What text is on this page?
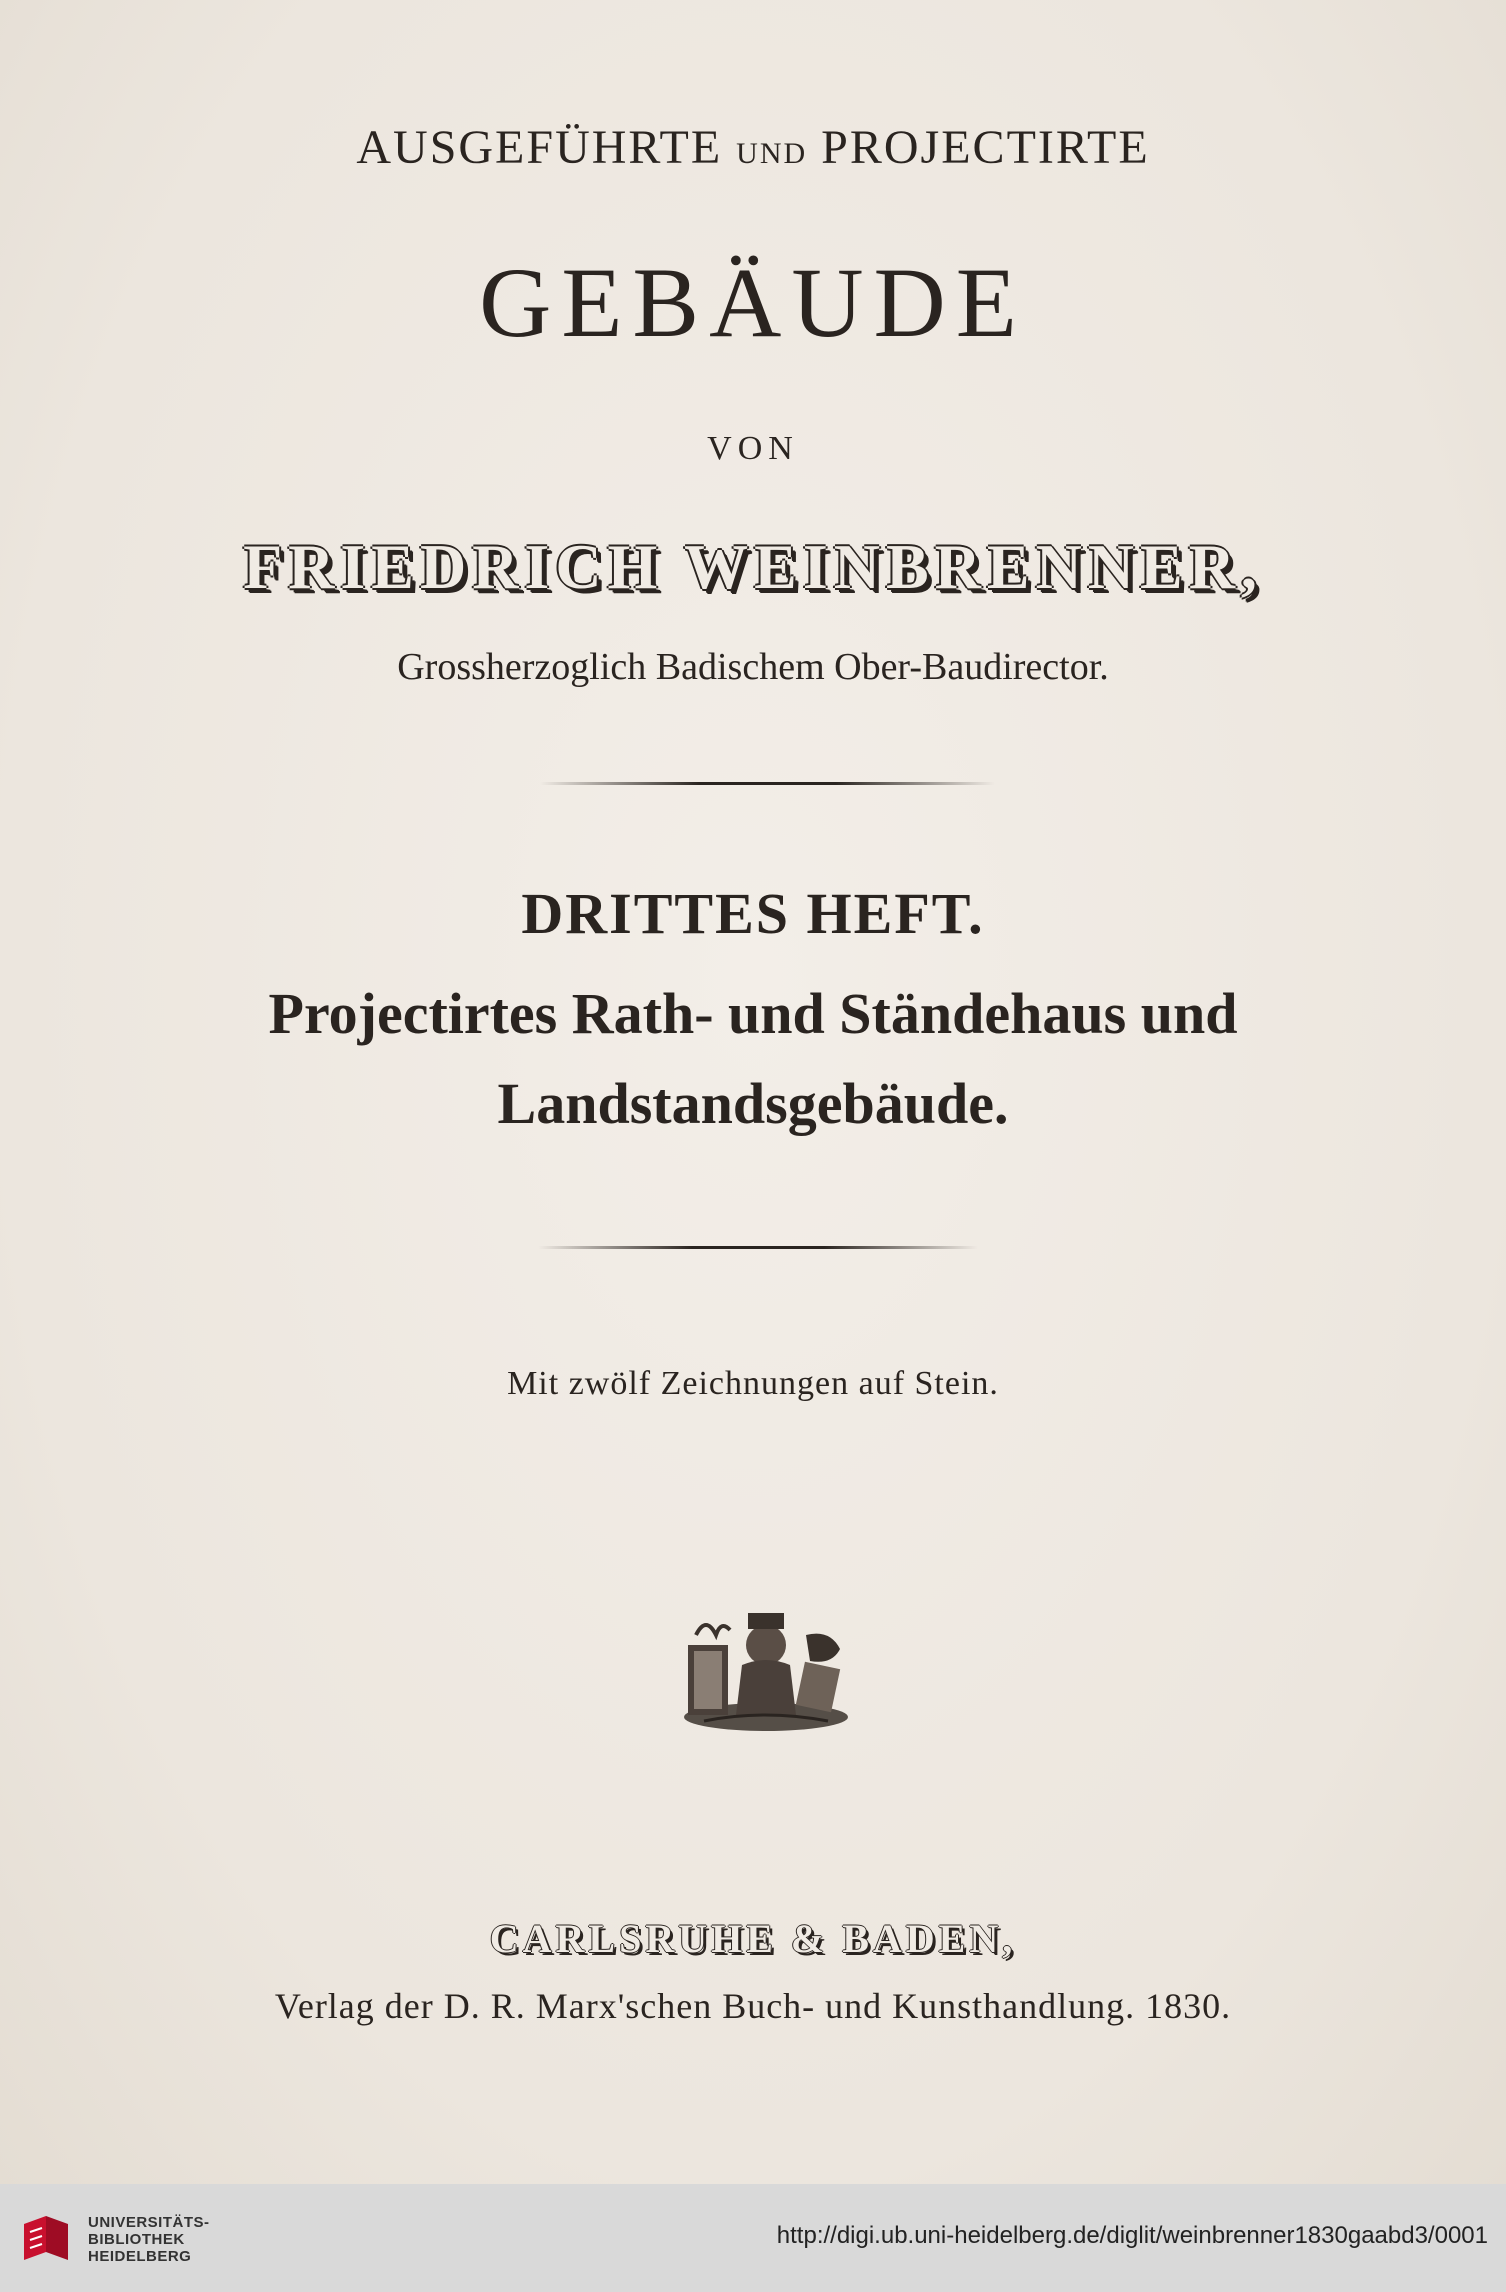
AUSGEFÜHRTE UND PROJECTIRTE
GEBÄUDE
VON
FRIEDRICH WEINBRENNER,
Grossherzoglich Badischem Ober-Baudirector.
DRITTES HEFT.
Projectirtes Rath- und Ständehaus und
Landstandsgebäude.
Mit zwölf Zeichnungen auf Stein.
CARLSRUHE & BADEN,
Verlag der D. R. Marx'schen Buch- und Kunsthandlung. 1830.
UNIVERSITÄTS-
BIBLIOTHEK
HEIDELBERG
http://digi.ub.uni-heidelberg.de/diglit/weinbrenner1830gaabd3/0001
